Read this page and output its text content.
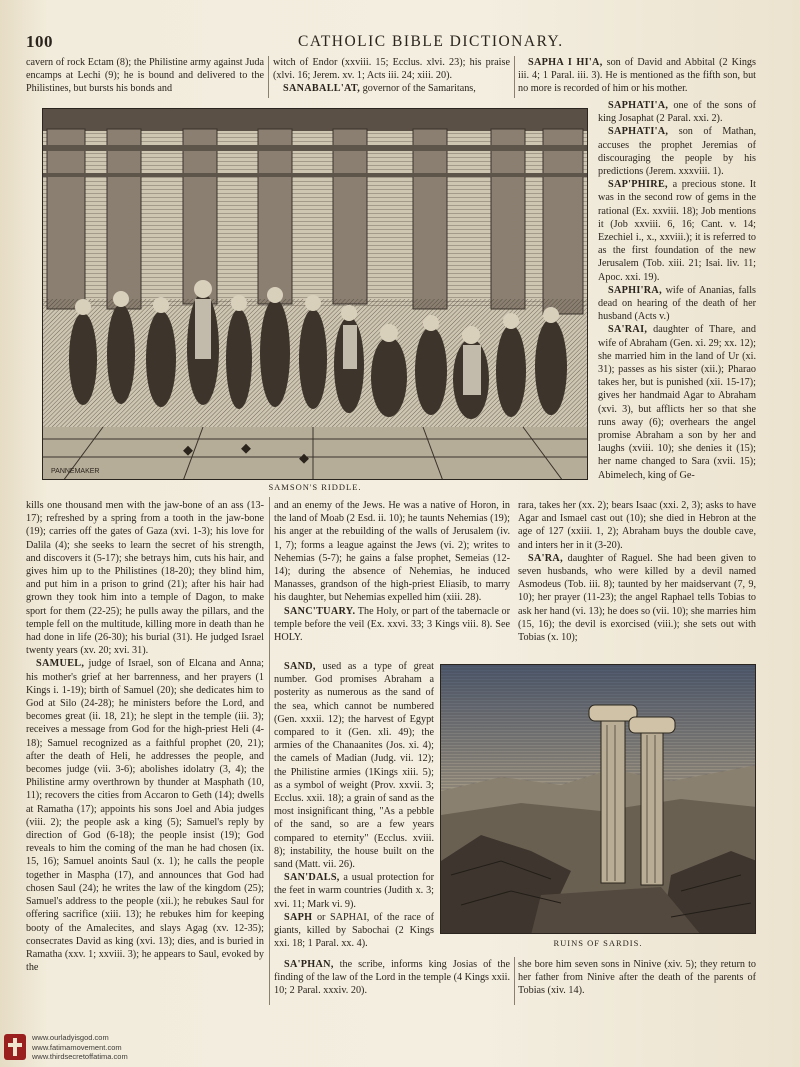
100	CATHOLIC BIBLE DICTIONARY.

cavern of rock Ectam (8); the Philistine army against Juda encamps at Lechi (9); he is bound and delivered to the Philistines, but bursts his bonds and

witch of Endor (xxviii. 15; Ecclus. xlvi. 23); his praise (xlvi. 16; Jerem. xv. 1; Acts iii. 24; xiii. 20).

SANABALL'AT, governor of the Samaritans,

SAPHA I HI'A, son of David and Abbital (2 Kings iii. 4; 1 Paral. iii. 3). He is mentioned as the fifth son, but no more is recorded of him or his mother.

PANNEMAKER
SAMSON'S RIDDLE.

SAPHATI'A, one of the sons of king Josaphat (2 Paral. xxi. 2).

SAPHATI'A, son of Mathan, accuses the prophet Jeremias of discouraging the people by his predictions (Jerem. xxxviii. 1).

SAP'PHIRE, a precious stone. It was in the second row of gems in the rational (Ex. xxviii. 18); Job mentions it (Job xxviii. 6, 16; Cant. v. 14; Ezechiel i., x., xxviii.); it is referred to as the first foundation of the new Jerusalem (Tob. xiii. 21; Isai. liv. 11; Apoc. xxi. 19).

SAPHI'RA, wife of Ananias, falls dead on hearing of the death of her husband (Acts v.)

SA'RAI, daughter of Thare, and wife of Abraham (Gen. xi. 29; xx. 12); she married him in the land of Ur (xi. 31); passes as his sister (xii.); Pharao takes her, but is punished (xii. 15-17); gives her handmaid Agar to Abraham (xvi. 3), but afflicts her so that she runs away (6); overhears the angel promise Abraham a son by her and laughs (xviii. 10); she denies it (15); her name changed to Sara (xvii. 15); Abimelech, king of Ge-

kills one thousand men with the jaw-bone of an ass (13-17); refreshed by a spring from a tooth in the jaw-bone (19); carries off the gates of Gaza (xvi. 1-3); his love for Dalila (4); she seeks to learn the secret of his strength, and discovers it (5-17); she betrays him, cuts his hair, and gives him up to the Philistines (18-20); they blind him, and put him in a prison to grind (21); after his hair had grown they took him into a temple of Dagon, to make sport for them (22-25); he pulls away the pillars, and the temple fell on the multitude, killing more in death than he had done in life (26-30); his burial (31). He judged Israel twenty years (xv. 20; xvi. 31).

SAMUEL, judge of Israel, son of Elcana and Anna; his mother's grief at her barrenness, and her prayers (1 Kings i. 1-19); birth of Samuel (20); she dedicates him to God at Silo (24-28); he ministers before the Lord, and becomes great (ii. 18, 21); he slept in the temple (iii. 3); receives a message from God for the high-priest Heli (4-18); Samuel recognized as a faithful prophet (20, 21); after the death of Heli, he addresses the people, and becomes judge (vii. 3-6); abolishes idolatry (3, 4); the Philistine army overthrown by thunder at Masphath (10, 11); recovers the cities from Accaron to Geth (14); dwells at Ramatha (17); appoints his sons Joel and Abia judges (viii. 2); the people ask a king (5); Samuel's reply by direction of God (6-18); the people insist (19); God reveals to him the coming of the man he had chosen (ix. 15, 16); Samuel anoints Saul (x. 1); he calls the people together in Maspha (17), and announces that God had chosen Saul (24); he writes the law of the kingdom (25); Samuel's address to the people (xii.); he rebukes Saul for offering sacrifice (xiii. 13); he rebukes him for keeping booty of the Amalecites, and slays Agag (xv. 12-35); consecrates David as king (xvi. 13); dies, and is buried in Ramatha (xxv. 1; xxviii. 3); he appears to Saul, evoked by the

and an enemy of the Jews. He was a native of Horon, in the land of Moab (2 Esd. ii. 10); he taunts Nehemias (19); his anger at the rebuilding of the walls of Jerusalem (iv. 1, 7); forms a league against the Jews (vi. 2); writes to Nehemias (5-7); he gains a false prophet, Semeias (12-14); during the absence of Nehemias, he induced Manasses, grandson of the high-priest Eliasib, to marry his daughter, but Nehemias expelled him (xiii. 28).

SANC'TUARY. The Holy, or part of the tabernacle or temple before the veil (Ex. xxvi. 33; 3 Kings viii. 8). See HOLY.

rara, takes her (xx. 2); bears Isaac (xxi. 2, 3); asks to have Agar and Ismael cast out (10); she died in Hebron at the age of 127 (xxiii. 1, 2); Abraham buys the double cave, and inters her in it (3-20).

SA'RA, daughter of Raguel. She had been given to seven husbands, who were killed by a devil named Asmodeus (Tob. iii. 8); taunted by her maidservant (7, 9, 10); her prayer (11-23); the angel Raphael tells Tobias to ask her hand (vi. 13); he does so (vii. 10); she marries him (15, 16); the devil is exorcised (viii.); she sets out with Tobias (x. 10);

SAND, used as a type of great number. God promises Abraham a posterity as numerous as the sand of the sea, which cannot be numbered (Gen. xxxii. 12); the harvest of Egypt compared to it (Gen. xli. 49); the armies of the Chanaanites (Jos. xi. 4); the camels of Madian (Judg. vii. 12); the Philistine armies (1Kings xiii. 5); as a symbol of weight (Prov. xxvii. 3; Ecclus. xxii. 18); a grain of sand as the most insignificant thing, "As a pebble of the sand, so are a few years compared to eternity" (Ecclus. xviii. 8); instability, the house built on the sand (Matt. vii. 26).

SAN'DALS, a usual protection for the feet in warm countries (Judith x. 3; xvi. 11; Mark vi. 9).

SAPH or SAPHAI, of the race of giants, killed by Sabochai (2 Kings xxi. 18; 1 Paral. xx. 4).	RUINS OF SARDIS.

SA'PHAN, the scribe, informs king Josias of the finding of the law of the Lord in the temple (4 Kings xxii. 10; 2 Paral. xxxiv. 20).

she bore him seven sons in Ninive (xiv. 5); they return to her father from Ninive after the death of the parents of Tobias (xiv. 14).

www.ourladyisgod.com
www.fatimamovement.com
www.thirdsecretoffatima.com
